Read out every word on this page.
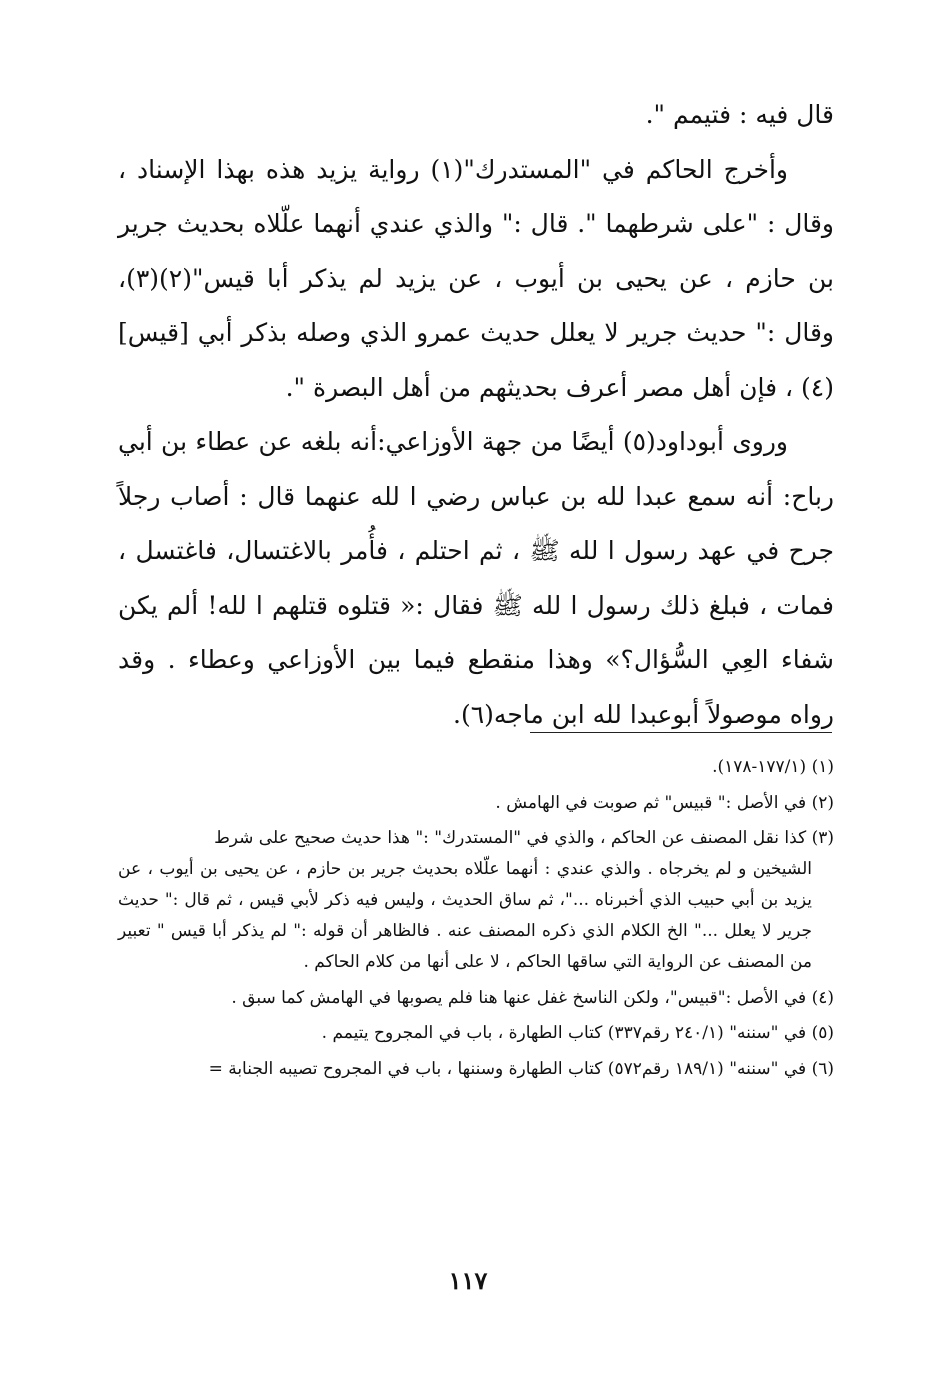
قال فيه : فتيمم ".

وأخرج الحاكم في "المستدرك"(١) رواية يزيد هذه بهذا الإسناد ، وقال : "على شرطهما ". قال :" والذي عندي أنهما علّلاه بحديث جرير بن حازم ، عن يحيى بن أيوب ، عن يزيد لم يذكر أبا قيس"(٢)(٣)، وقال :" حديث جرير لا يعلل حديث عمرو الذي وصله بذكر أبي [قيس](٤) ، فإن أهل مصر أعرف بحديثهم من أهل البصرة ".

وروى أبوداود(٥) أيضًا من جهة الأوزاعي:أنه بلغه عن عطاء بن أبي رباح: أنه سمع عبدا لله بن عباس رضي ا لله عنهما قال : أصاب رجلاً جرح في عهد رسول ا لله ﷺ ، ثم احتلم ، فأُمر بالاغتسال، فاغتسل ، فمات ، فبلغ ذلك رسول ا لله ﷺ فقال :« قتلوه قتلهم ا لله! ألم يكن شفاء العِي السُّؤال؟» وهذا منقطع فيما بين الأوزاعي وعطاء . وقد رواه موصولاً أبوعبدا لله ابن ماجه(٦).

(١) (١٧٧/١-١٧٨).
(٢) في الأصل :" قبيس" ثم صوبت في الهامش .
(٣) كذا نقل المصنف عن الحاكم ، والذي في "المستدرك" :" هذا حديث صحيح على شرط
الشيخين و لم يخرجاه . والذي عندي : أنهما علّلاه بحديث جرير بن حازم ، عن يحيى بن أيوب ، عن يزيد بن أبي حبيب الذي أخبرناه ..."، ثم ساق الحديث ، وليس فيه ذكر لأبي قيس ، ثم قال :" حديث جرير لا يعلل ..." الخ الكلام الذي ذكره المصنف عنه . فالظاهر أن قوله :" لم يذكر أبا قيس " تعبير من المصنف عن الرواية التي ساقها الحاكم ، لا على أنها من كلام الحاكم .
(٤) في الأصل :"قبيس"، ولكن الناسخ غفل عنها هنا فلم يصوبها في الهامش كما سبق .
(٥) في "سننه" (٢٤٠/١ رقم٣٣٧) كتاب الطهارة ، باب في المجروح يتيمم .
(٦) في "سننه" (١٨٩/١ رقم٥٧٢) كتاب الطهارة وسننها ، باب في المجروح تصيبه الجنابة =
١١٧
